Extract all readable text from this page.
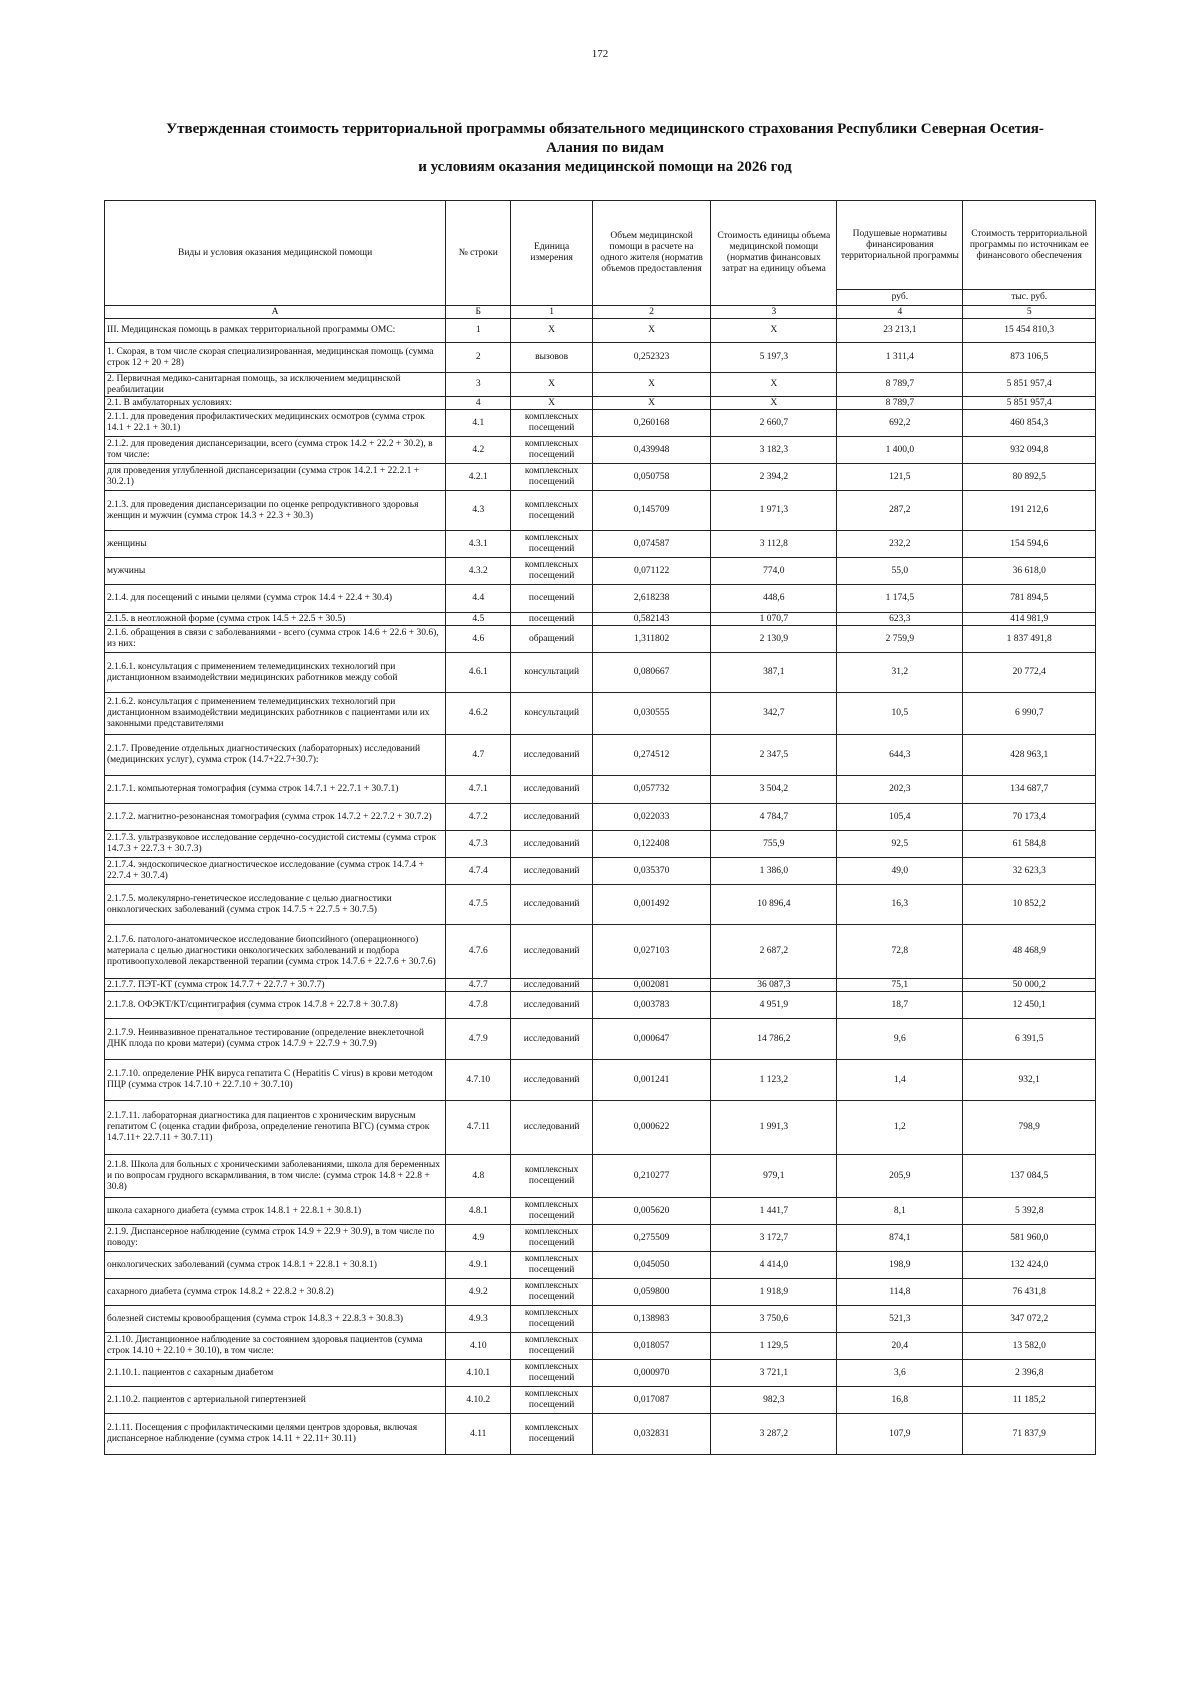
172
Утвержденная стоимость территориальной программы обязательного медицинского страхования Республики Северная Осетия-
Алания по видам
и условиям оказания медицинской помощи на 2026 год
Виды и условия оказания медицинской помощи	№ строки	Единица измерения	Объем медицинской помощи в расчете на одного жителя (норматив объемов предоставления	Стоимость единицы объема медицинской помощи (норматив финансовых затрат на единицу объема	Подушевые нормативы финансирования территориальной программы	Стоимость территориальной программы по источникам ее финансового обеспечения
					руб.	тыс. руб.
А	Б	1	2	3	4	5
III. Медицинская помощь в рамках территориальной программы ОМС:	1	X	X	X	23 213,1	15 454 810,3
1. Скорая, в том числе скорая специализированная, медицинская помощь (сумма строк 12 + 20 + 28)	2	вызовов	0,252323	5 197,3	1 311,4	873 106,5
2. Первичная медико-санитарная помощь, за исключением медицинской реабилитации	3	X	X	X	8 789,7	5 851 957,4
2.1. В амбулаторных условиях:	4	X	X	X	8 789,7	5 851 957,4
2.1.1. для проведения профилактических медицинских осмотров (сумма строк 14.1 + 22.1 + 30.1)	4.1	комплексных посещений	0,260168	2 660,7	692,2	460 854,3
2.1.2. для проведения диспансеризации, всего (сумма строк 14.2 + 22.2 + 30.2), в том числе:	4.2	комплексных посещений	0,439948	3 182,3	1 400,0	932 094,8
для проведения углубленной диспансеризации (сумма строк 14.2.1 + 22.2.1 + 30.2.1)	4.2.1	комплексных посещений	0,050758	2 394,2	121,5	80 892,5
2.1.3. для проведения диспансеризации по оценке репродуктивного здоровья женщин и мужчин (сумма строк 14.3 + 22.3 + 30.3)	4.3	комплексных посещений	0,145709	1 971,3	287,2	191 212,6
женщины	4.3.1	комплексных посещений	0,074587	3 112,8	232,2	154 594,6
мужчины	4.3.2	комплексных посещений	0,071122	774,0	55,0	36 618,0
2.1.4. для посещений с иными целями (сумма строк 14.4 + 22.4 + 30.4)	4.4	посещений	2,618238	448,6	1 174,5	781 894,5
2.1.5. в неотложной форме (сумма строк 14.5 + 22.5 + 30.5)	4.5	посещений	0,582143	1 070,7	623,3	414 981,9
2.1.6. обращения в связи с заболеваниями - всего (сумма строк 14.6 + 22.6 + 30.6), из них:	4.6	обращений	1,311802	2 130,9	2 759,9	1 837 491,8
2.1.6.1. консультация с применением телемедицинских технологий при дистанционном взаимодействии медицинских работников между собой	4.6.1	консультаций	0,080667	387,1	31,2	20 772,4
2.1.6.2. консультация с применением телемедицинских технологий при дистанционном взаимодействии медицинских работников с пациентами или их законными представителями	4.6.2	консультаций	0,030555	342,7	10,5	6 990,7
2.1.7. Проведение отдельных диагностических (лабораторных) исследований (медицинских услуг), сумма строк (14.7+22.7+30.7):	4.7	исследований	0,274512	2 347,5	644,3	428 963,1
2.1.7.1. компьютерная томография (сумма строк 14.7.1 + 22.7.1 + 30.7.1)	4.7.1	исследований	0,057732	3 504,2	202,3	134 687,7
2.1.7.2. магнитно-резонансная томография (сумма строк 14.7.2 + 22.7.2 + 30.7.2)	4.7.2	исследований	0,022033	4 784,7	105,4	70 173,4
2.1.7.3. ультразвуковое исследование сердечно-сосудистой системы (сумма строк 14.7.3 + 22.7.3 + 30.7.3)	4.7.3	исследований	0,122408	755,9	92,5	61 584,8
2.1.7.4. эндоскопическое диагностическое исследование (сумма строк 14.7.4 + 22.7.4 + 30.7.4)	4.7.4	исследований	0,035370	1 386,0	49,0	32 623,3
2.1.7.5. молекулярно-генетическое исследование с целью диагностики онкологических заболеваний (сумма строк 14.7.5 + 22.7.5 + 30.7.5)	4.7.5	исследований	0,001492	10 896,4	16,3	10 852,2
2.1.7.6. патолого-анатомическое исследование биопсийного (операционного) материала с целью диагностики онкологических заболеваний и подбора противоопухолевой лекарственной терапии (сумма строк 14.7.6 + 22.7.6 + 30.7.6)	4.7.6	исследований	0,027103	2 687,2	72,8	48 468,9
2.1.7.7. ПЭТ-КТ (сумма строк 14.7.7 + 22.7.7 + 30.7.7)	4.7.7	исследований	0,002081	36 087,3	75,1	50 000,2
2.1.7.8. ОФЭКТ/КТ/сцинтиграфия (сумма строк 14.7.8 + 22.7.8 + 30.7.8)	4.7.8	исследований	0,003783	4 951,9	18,7	12 450,1
2.1.7.9. Неинвазивное пренатальное тестирование (определение внеклеточной ДНК плода по крови матери) (сумма строк 14.7.9 + 22.7.9 + 30.7.9)	4.7.9	исследований	0,000647	14 786,2	9,6	6 391,5
2.1.7.10. определение РНК вируса гепатита С (Hepatitis C virus) в крови методом ПЦР (сумма строк 14.7.10 + 22.7.10 + 30.7.10)	4.7.10	исследований	0,001241	1 123,2	1,4	932,1
2.1.7.11. лабораторная диагностика для пациентов с хроническим вирусным гепатитом С (оценка стадии фиброза, определение генотипа ВГС) (сумма строк 14.7.11+ 22.7.11 + 30.7.11)	4.7.11	исследований	0,000622	1 991,3	1,2	798,9
2.1.8. Школа для больных с хроническими заболеваниями, школа для беременных и по вопросам грудного вскармливания, в том числе: (сумма строк 14.8 + 22.8 + 30.8)	4.8	комплексных посещений	0,210277	979,1	205,9	137 084,5
школа сахарного диабета (сумма строк 14.8.1 + 22.8.1 + 30.8.1)	4.8.1	комплексных посещений	0,005620	1 441,7	8,1	5 392,8
2.1.9. Диспансерное наблюдение (сумма строк 14.9 + 22.9 + 30.9), в том числе по поводу:	4.9	комплексных посещений	0,275509	3 172,7	874,1	581 960,0
онкологических заболеваний (сумма строк 14.8.1 + 22.8.1 + 30.8.1)	4.9.1	комплексных посещений	0,045050	4 414,0	198,9	132 424,0
сахарного диабета (сумма строк 14.8.2 + 22.8.2 + 30.8.2)	4.9.2	комплексных посещений	0,059800	1 918,9	114,8	76 431,8
болезней системы кровообращения (сумма строк 14.8.3 + 22.8.3 + 30.8.3)	4.9.3	комплексных посещений	0,138983	3 750,6	521,3	347 072,2
2.1.10. Дистанционное наблюдение за состоянием здоровья пациентов (сумма строк 14.10 + 22.10 + 30.10), в том числе:	4.10	комплексных посещений	0,018057	1 129,5	20,4	13 582,0
2.1.10.1. пациентов с сахарным диабетом	4.10.1	комплексных посещений	0,000970	3 721,1	3,6	2 396,8
2.1.10.2. пациентов с артериальной гипертензией	4.10.2	комплексных посещений	0,017087	982,3	16,8	11 185,2
2.1.11. Посещения с профилактическими целями центров здоровья, включая диспансерное наблюдение (сумма строк 14.11 + 22.11+ 30.11)	4.11	комплексных посещений	0,032831	3 287,2	107,9	71 837,9
